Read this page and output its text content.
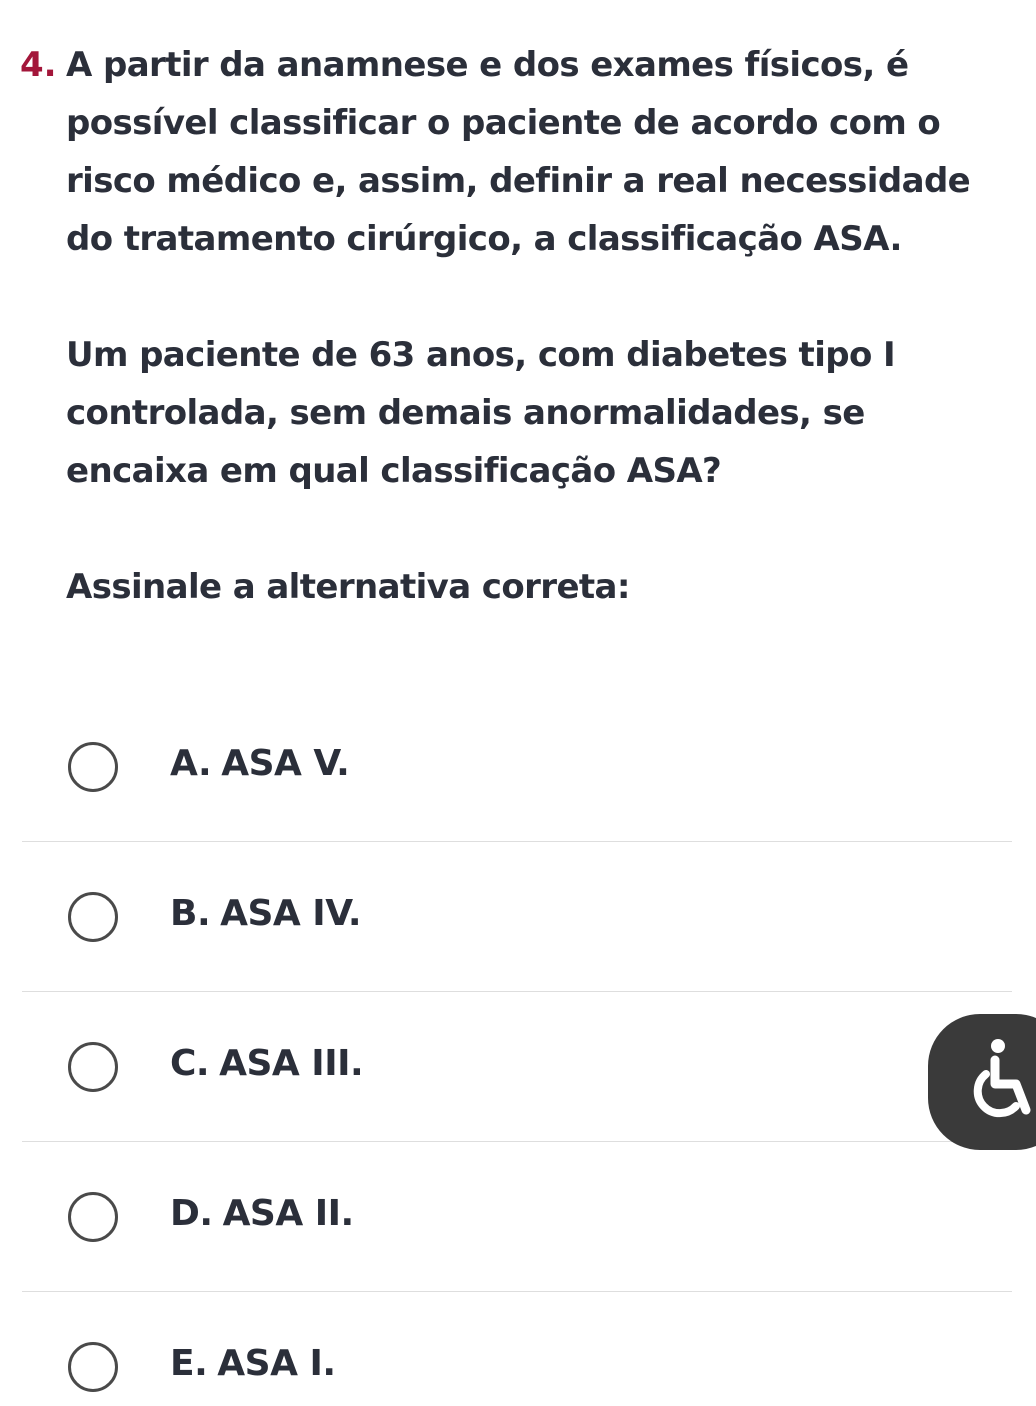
4. A partir da anamnese e dos exames físicos, é possível classificar o paciente de acordo com o risco médico e, assim, definir a real necessidade do tratamento cirúrgico, a classificação ASA.

Um paciente de 63 anos, com diabetes tipo I controlada, sem demais anormalidades, se encaixa em qual classificação ASA?

Assinale a alternativa correta:

A. ASA V.
B. ASA IV.
C. ASA III.
D. ASA II.
E. ASA I.
